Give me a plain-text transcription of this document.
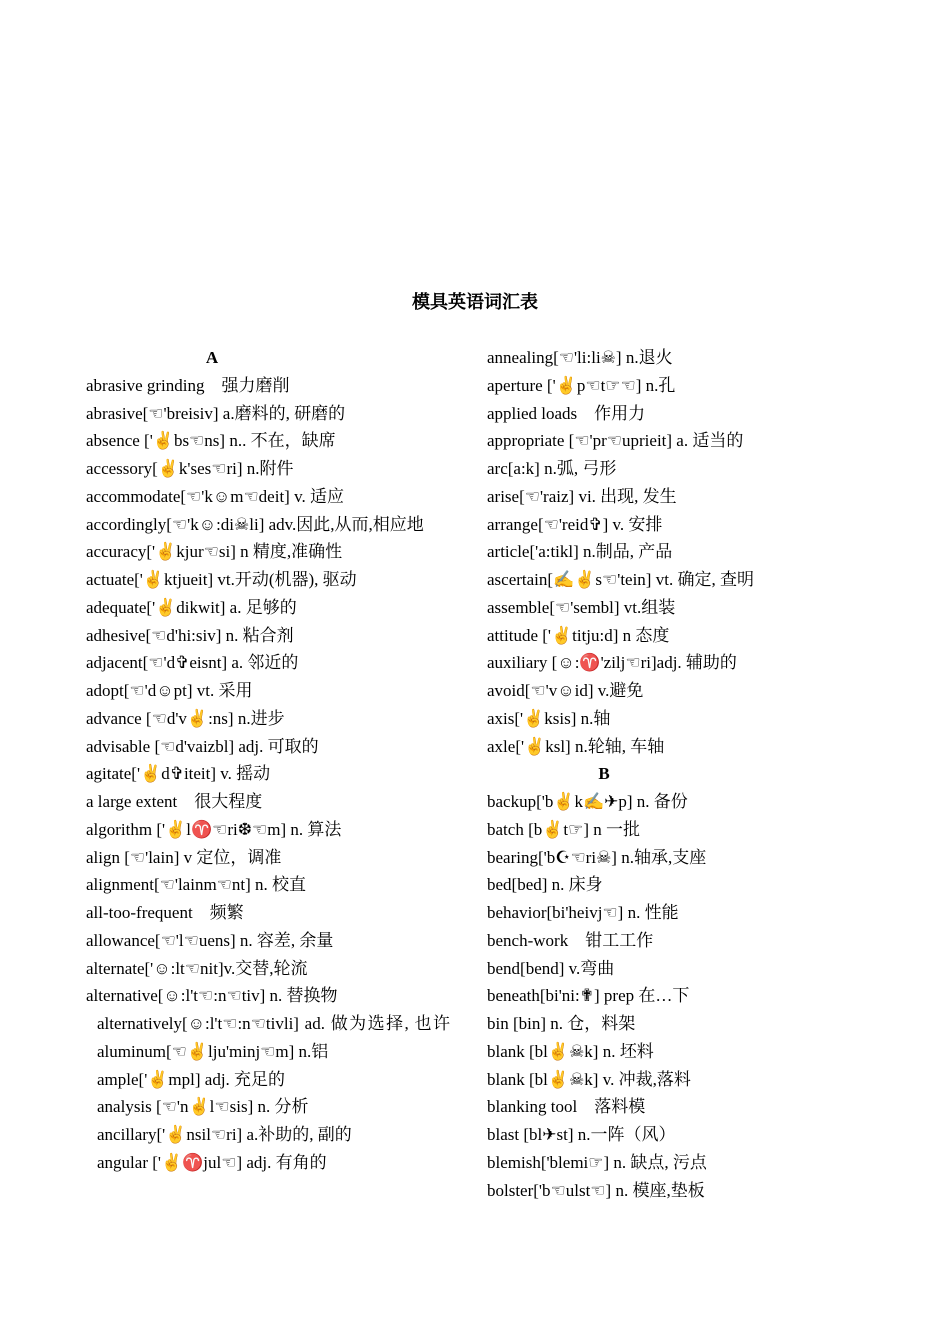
模具英语词汇表

A

abrasive grinding　强力磨削

abrasive[☜'breisiv] a.磨料的, 研磨的

absence ['✌bs☜ns] n.. 不在，缺席

accessory[✌k'ses☜ri] n.附件

accommodate[☜'k☺m☜deit] v. 适应

accordingly[☜'k☺:di☠li] adv.因此,从而,相应地

accuracy['✌kjur☜si] n 精度,准确性

actuate['✌ktjueit] vt.开动(机器), 驱动

adequate['✌dikwit] a. 足够的

adhesive[☜d'hi:siv] n. 粘合剂

adjacent[☜'d✞eisnt] a. 邻近的

adopt[☜'d☺pt] vt. 采用

advance [☜d'v✌:ns] n.进步

advisable [☜d'vaizbl] adj. 可取的

agitate['✌d✞iteit] v. 摇动

a large extent　很大程度

algorithm ['✌l♈☜ri❆☜m] n. 算法

align [☜'lain] v 定位，调准

alignment[☜'lainm☜nt] n. 校直

all-too-frequent　频繁

allowance[☜'l☜uens] n. 容差, 余量

alternate['☺:lt☜nit]v.交替,轮流

alternative[☺:l't☜:n☜tiv] n. 替换物

alternatively[☺:l't☜:n☜tivli] ad. 做为选择, 也许 aluminum[☜✌lju'minj☜m] n.铝

ample['✌mpl] adj. 充足的

analysis [☜'n✌l☜sis] n. 分析

ancillary['✌nsil☜ri] a.补助的, 副的

angular ['✌♈jul☜] adj. 有角的

annealing[☜'li:li☠] n.退火

aperture ['✌p☜t☞☜] n.孔

applied loads　作用力

appropriate [☜'pr☜uprieit] a. 适当的

arc[a:k] n.弧, 弓形

arise[☜'raiz] vi. 出现, 发生

arrange[☜'reid✞] v. 安排

article['a:tikl] n.制品, 产品

ascertain[✍✌s☜'tein] vt. 确定, 查明

assemble[☜'sembl] vt.组装

attitude ['✌titju:d] n 态度

auxiliary [☺:♈'zilj☜ri]adj. 辅助的

avoid[☜'v☺id] v.避免

axis['✌ksis] n.轴

axle['✌ksl] n.轮轴, 车轴

B

backup['b✌k✍✈p] n. 备份

batch [b✌t☞] n 一批

bearing['b☪☜ri☠] n.轴承,支座

bed[bed] n. 床身

behavior[bi'heivj☜] n. 性能

bench-work　钳工工作

bend[bend] v.弯曲

beneath[bi'ni:✟] prep 在…下

bin [bin] n. 仓，料架

blank [bl✌☠k] n. 坯料

blank [bl✌☠k] v. 冲裁,落料

blanking tool　落料模

blast [bl✈st] n.一阵（风）

blemish['blemi☞] n. 缺点, 污点

bolster['b☜ulst☜] n. 模座,垫板
